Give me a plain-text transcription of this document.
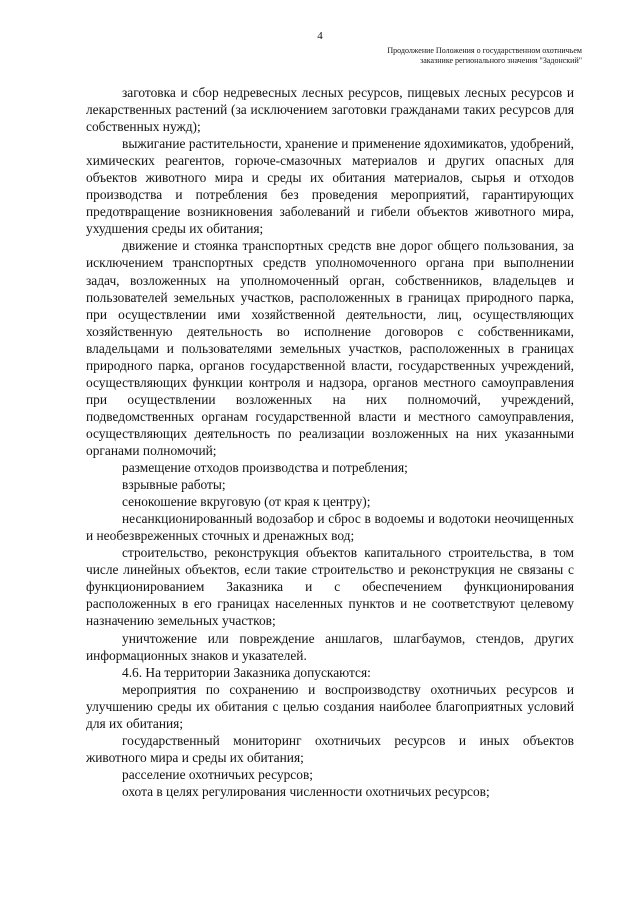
4
Продолжение Положения о государственном охотничьем
заказнике регионального значения "Задонский"

заготовка и сбор недревесных лесных ресурсов, пищевых лесных ресурсов и лекарственных растений (за исключением заготовки гражданами таких ресурсов для собственных нужд);

выжигание растительности, хранение и применение ядохимикатов, удобрений, химических реагентов, горюче-смазочных материалов и других опасных для объектов животного мира и среды их обитания материалов, сырья и отходов производства и потребления без проведения мероприятий, гарантирующих предотвращение возникновения заболеваний и гибели объектов животного мира, ухудшения среды их обитания;

движение и стоянка транспортных средств вне дорог общего пользования, за исключением транспортных средств уполномоченного органа при выполнении задач, возложенных на уполномоченный орган, собственников, владельцев и пользователей земельных участков, расположенных в границах природного парка, при осуществлении ими хозяйственной деятельности, лиц, осуществляющих хозяйственную деятельность во исполнение договоров с собственниками, владельцами и пользователями земельных участков, расположенных в границах природного парка, органов государственной власти, государственных учреждений, осуществляющих функции контроля и надзора, органов местного самоуправления при осуществлении возложенных на них полномочий, учреждений, подведомственных органам государственной власти и местного самоуправления, осуществляющих деятельность по реализации возложенных на них указанными органами полномочий;

размещение отходов производства и потребления;

взрывные работы;

сенокошение вкруговую (от края к центру);

несанкционированный водозабор и сброс в водоемы и водотоки неочищенных и необезвреженных сточных и дренажных вод;

строительство, реконструкция объектов капитального строительства, в том числе линейных объектов, если такие строительство и реконструкция не связаны с функционированием Заказника и с обеспечением функционирования расположенных в его границах населенных пунктов и не соответствуют целевому назначению земельных участков;

уничтожение или повреждение аншлагов, шлагбаумов, стендов, других информационных знаков и указателей.

4.6. На территории Заказника допускаются:

мероприятия по сохранению и воспроизводству охотничьих ресурсов и улучшению среды их обитания с целью создания наиболее благоприятных условий для их обитания;

государственный мониторинг охотничьих ресурсов и иных объектов животного мира и среды их обитания;

расселение охотничьих ресурсов;

охота в целях регулирования численности охотничьих ресурсов;
